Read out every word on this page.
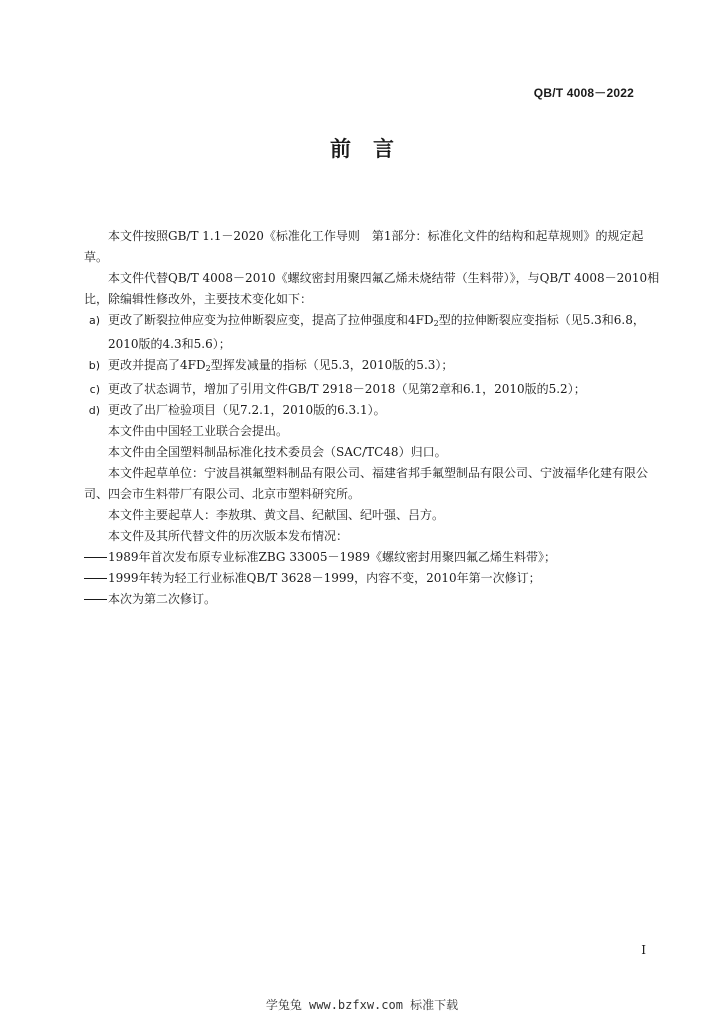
QB/T 4008－2022
前言

本文件按照GB/T 1.1－2020《标准化工作导则　第1部分：标准化文件的结构和起草规则》的规定起草。

本文件代替QB/T 4008－2010《螺纹密封用聚四氟乙烯未烧结带（生料带）》，与QB/T 4008－2010相比，除编辑性修改外，主要技术变化如下：

a) 更改了断裂拉伸应变为拉伸断裂应变，提高了拉伸强度和$4FD_2$型的拉伸断裂应变指标（见5.3和6.8，2010版的4.3和5.6）；

b) 更改并提高了$4FD_2$型挥发减量的指标（见5.3，2010版的5.3）；

c) 更改了状态调节，增加了引用文件GB/T 2918－2018（见第2章和6.1，2010版的5.2）；

d) 更改了出厂检验项目（见7.2.1，2010版的6.3.1）。

本文件由中国轻工业联合会提出。

本文件由全国塑料制品标准化技术委员会（SAC/TC48）归口。

本文件起草单位：宁波昌祺氟塑料制品有限公司、福建省邦手氟塑制品有限公司、宁波福华化建有限公司、四会市生料带厂有限公司、北京市塑料研究所。

本文件主要起草人：李敖琪、黄文昌、纪献国、纪叶强、吕方。

本文件及其所代替文件的历次版本发布情况：

1989年首次发布原专业标准ZBG 33005－1989《螺纹密封用聚四氟乙烯生料带》；

1999年转为轻工行业标准QB/T 3628－1999，内容不变，2010年第一次修订；

本次为第二次修订。

I
学兔兔 www.bzfxw.com 标准下载
